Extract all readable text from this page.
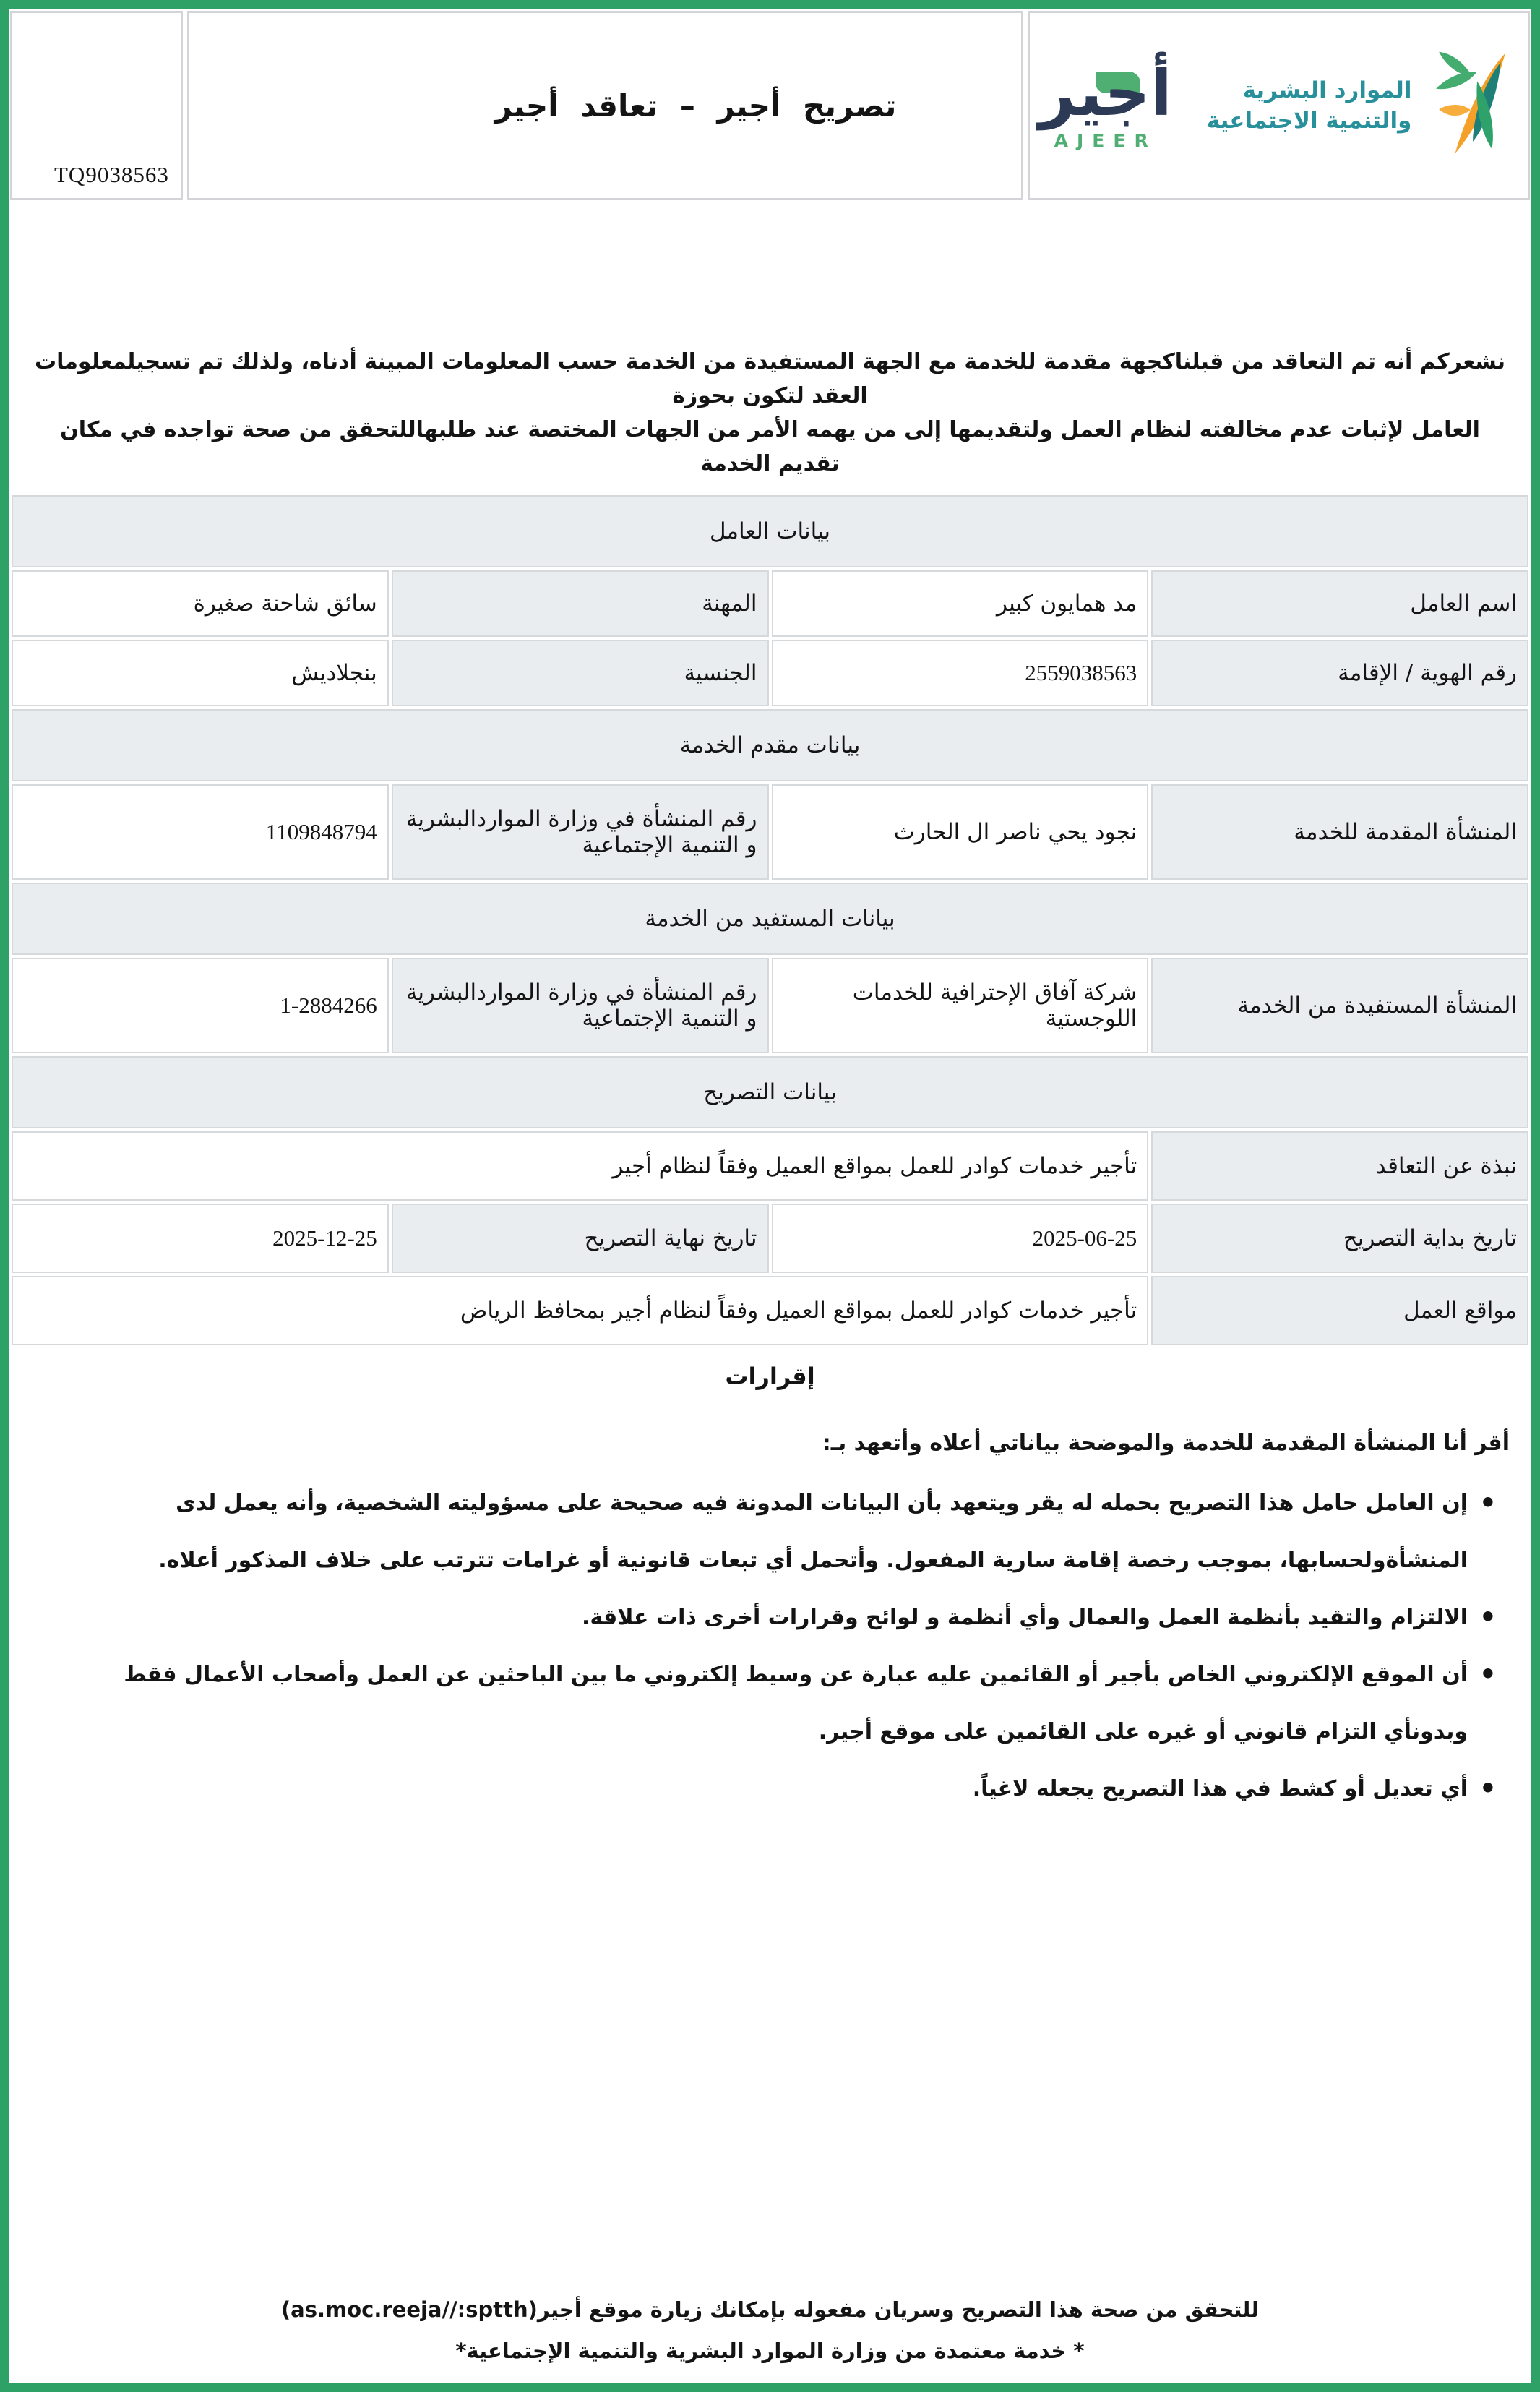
الموارد البشرية
والتنمية الاجتماعية
أجير
AJEER
تصريح أجير – تعاقد أجير
TQ9038563
نشعركم أنه تم التعاقد من قبلناكجهة مقدمة للخدمة مع الجهة المستفيدة من الخدمة حسب المعلومات المبينة أدناه، ولذلك تم تسجيلمعلومات العقد لتكون بحوزة
العامل لإثبات عدم مخالفته لنظام العمل ولتقديمها إلى من يهمه الأمر من الجهات المختصة عند طلبهاللتحقق من صحة تواجده في مكان تقديم الخدمة
بيانات العامل			
اسم العامل	مد همايون كبير	المهنة	سائق شاحنة صغيرة
رقم الهوية / الإقامة	2559038563	الجنسية	بنجلاديش
بيانات مقدم الخدمة			
المنشأة المقدمة للخدمة	نجود يحي ناصر ال الحارث	رقم المنشأة في وزارة المواردالبشرية و التنمية الإجتماعية	1109848794
بيانات المستفيد من الخدمة			
المنشأة المستفيدة من الخدمة	شركة آفاق الإحترافية للخدمات اللوجستية	رقم المنشأة في وزارة المواردالبشرية و التنمية الإجتماعية	1-2884266
بيانات التصريح			
نبذة عن التعاقد	تأجير خدمات كوادر للعمل بمواقع العميل وفقاً لنظام أجير		
تاريخ بداية التصريح	2025-06-25	تاريخ نهاية التصريح	2025-12-25
مواقع العمل	تأجير خدمات كوادر للعمل بمواقع العميل وفقاً لنظام أجير بمحافظ الرياض		
إقرارات
أقر أنا المنشأة المقدمة للخدمة والموضحة بياناتي أعلاه وأتعهد بـ:
• إن العامل حامل هذا التصريح بحمله له يقر ويتعهد بأن البيانات المدونة فيه صحيحة على مسؤوليته الشخصية، وأنه يعمل لدى المنشأةولحسابها، بموجب رخصة إقامة سارية المفعول. وأتحمل أي تبعات قانونية أو غرامات تترتب على خلاف المذكور أعلاه.
• الالتزام والتقيد بأنظمة العمل والعمال وأي أنظمة و لوائح وقرارات أخرى ذات علاقة.
• أن الموقع الإلكتروني الخاص بأجير أو القائمين عليه عبارة عن وسيط إلكتروني ما بين الباحثين عن العمل وأصحاب الأعمال فقط وبدونأي التزام قانوني أو غيره على القائمين على موقع أجير.
• أي تعديل أو كشط في هذا التصريح يجعله لاغياً.
للتحقق من صحة هذا التصريح وسريان مفعوله بإمكانك زيارة موقع أجير(as.moc.reeja//:sptth)
* خدمة معتمدة من وزارة الموارد البشرية والتنمية الإجتماعية*
